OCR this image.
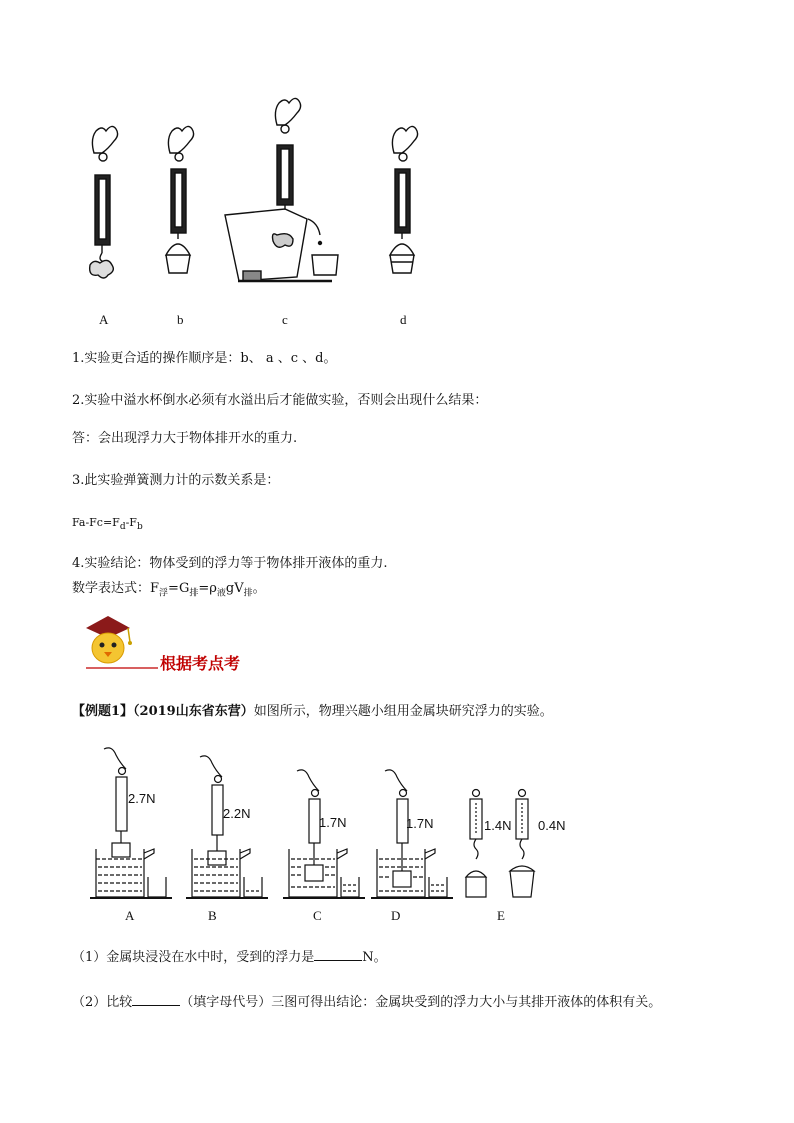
A	b	c	d
1.实验更合适的操作顺序是：b、 a 、c 、d。
2.实验中溢水杯倒水必须有水溢出后才能做实验，否则会出现什么结果：
答：会出现浮力大于物体排开水的重力.
3.此实验弹簧测力计的示数关系是：
$Fa-Fc=F_d-F_b$
4.实验结论：物体受到的浮力等于物体排开液体的重力.
数学表达式：$F_浮=G_排=\rho_液gV_排$。
根据考点考
【例题1】（2019山东省东营）如图所示，物理兴趣小组用金属块研究浮力的实验。
2.7N
2.2N
1.7N	1.7N	1.4N 0.4N
A	B	C	D	E
（1）金属块浸没在水中时，受到的浮力是	N。
（2）比较	（填字母代号）三图可得出结论：金属块受到的浮力大小与其排开液体的体积有关。
